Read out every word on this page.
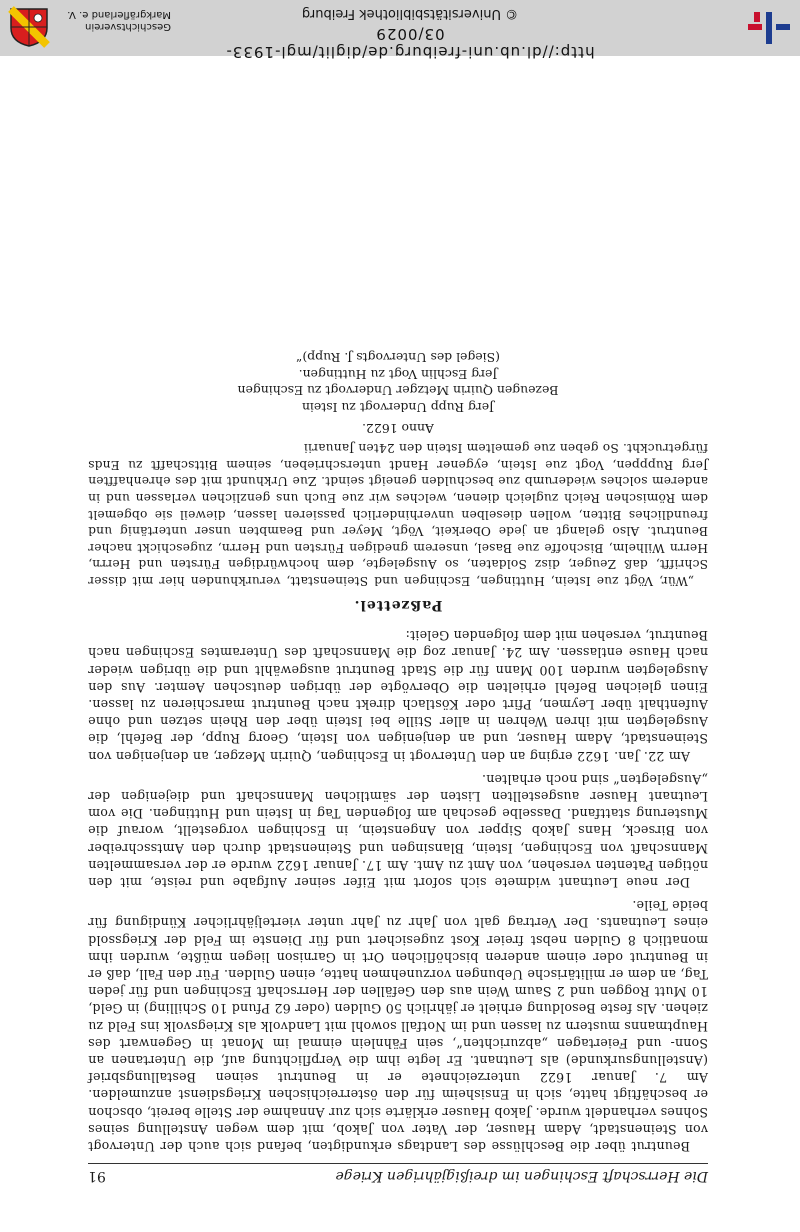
Geschichtsverein Markgräflerland e. V.
http://dl.ub.uni-freiburg.de/diglit/mgl-1933-03/0029
© Universitätsbibliothek Freiburg
Die Herrschaft Eschingen im dreißigjährigen Kriege
91

Beuntrut über die Beschlüsse des Landtags erkundigten, befand sich auch der Untervogt von Steinenstadt, Adam Hauser, der Vater von Jakob, mit dem wegen Anstellung seines Sohnes verhandelt wurde. Jakob Hauser erklärte sich zur Annahme der Stelle bereit, obschon er beschäftigt hatte, sich in Ensisheim für den österreichischen Kriegsdienst anzumelden. Am 7. Januar 1622 unterzeichnete er in Beuntrut seinen Bestallungsbrief (Anstellungsurkunde) als Leutnant. Er legte ihm die Verpflichtung auf, die Untertanen an Sonn- und Feiertagen „abzurichten“, sein Fähnlein einmal im Monat in Gegenwart des Hauptmanns mustern zu lassen und im Notfall sowohl mit Landvolk als Kriegsvolk ins Feld zu ziehen. Als feste Besoldung erhielt er jährlich 50 Gulden (oder 62 Pfund 10 Schilling) in Geld, 10 Mutt Roggen und 2 Saum Wein aus den Gefällen der Herrschaft Eschingen und für jeden Tag, an dem er militärische Uebungen vorzunehmen hatte, einen Gulden. Für den Fall, daß er in Beuntrut oder einem anderen bischöflichen Ort in Garnison liegen müßte, wurden ihm monatlich 8 Gulden nebst freier Kost zugesichert und für Dienste im Feld der Kriegssold eines Leutnants. Der Vertrag galt von Jahr zu Jahr unter vierteljährlicher Kündigung für beide Teile.

Der neue Leutnant widmete sich sofort mit Eifer seiner Aufgabe und reiste, mit den nötigen Patenten versehen, von Amt zu Amt. Am 17. Januar 1622 wurde er der versammelten Mannschaft von Eschingen, Istein, Blansingen und Steinenstadt durch den Amtsschreiber von Birseck, Hans Jakob Sipper von Angenstein, in Eschingen vorgestellt, worauf die Musterung stattfand. Dasselbe geschah am folgenden Tag in Istein und Huttingen. Die vom Leutnant Hauser ausgestellten Listen der sämtlichen Mannschaft und diejenigen der „Ausgelegten“ sind noch erhalten.

Am 22. Jan. 1622 erging an den Untervogt in Eschingen, Quirin Mezger, an denjenigen von Steinenstadt, Adam Hauser, und an denjenigen von Istein, Georg Rupp, der Befehl, die Ausgelegten mit ihren Wehren in aller Stille bei Istein über den Rhein setzen und ohne Aufenthalt über Leymen, Pfirt oder Köstlach direkt nach Beuntrut marschieren zu lassen. Einen gleichen Befehl erhielten die Obervögte der übrigen deutschen Aemter. Aus den Ausgelegten wurden 100 Mann für die Stadt Beuntrut ausgewählt und die übrigen wieder nach Hause entlassen. Am 24. Januar zog die Mannschaft des Unteramtes Eschingen nach Beuntrut, versehen mit dem folgenden Geleit:

Paßzettel.

„Wür, Vögt zue Istein, Huttingen, Eschingen und Steinenstatt, verurkhunden hier mit disser Schrifft, daß Zeuger, disz Soldaten, so Ausgelegte, dem hochwürdigen Fürsten und Herrn, Herrn Wilhelm, Bischoffe zue Basel, unserem gnedigen Fürsten und Herrn, zugeschickt nacher Beuntrut. Also gelangt an jede Oberkeit, Vögt, Meyer und Beambten unser untertänig und freundliches Bitten, wollen dieselben unverhinderlich passieren lassen, dieweil sie obgemelt dem Römischen Reich zugleich dienen, welches wir zue Euch uns genzlichen verlassen und in anderem solches wiederumb zue beschulden geneigt seindt. Zue Urkhundt mit des ehrenhafften Jerg Rupppen, Vogt zue Istein, eygener Handt unterschrieben, seinem Bittschafft zu Ends fürgetruckht. So geben zue gemeltem Istein den 24ten Januarii

Anno 1622.
Jerg Rupp Undervogt zu Istein
Bezeugen Quirin Metzger Undervogt zu Eschingen
Jerg Eschlin Vogt zu Huttingen.
(Siegel des Untervogts J. Rupp)“
